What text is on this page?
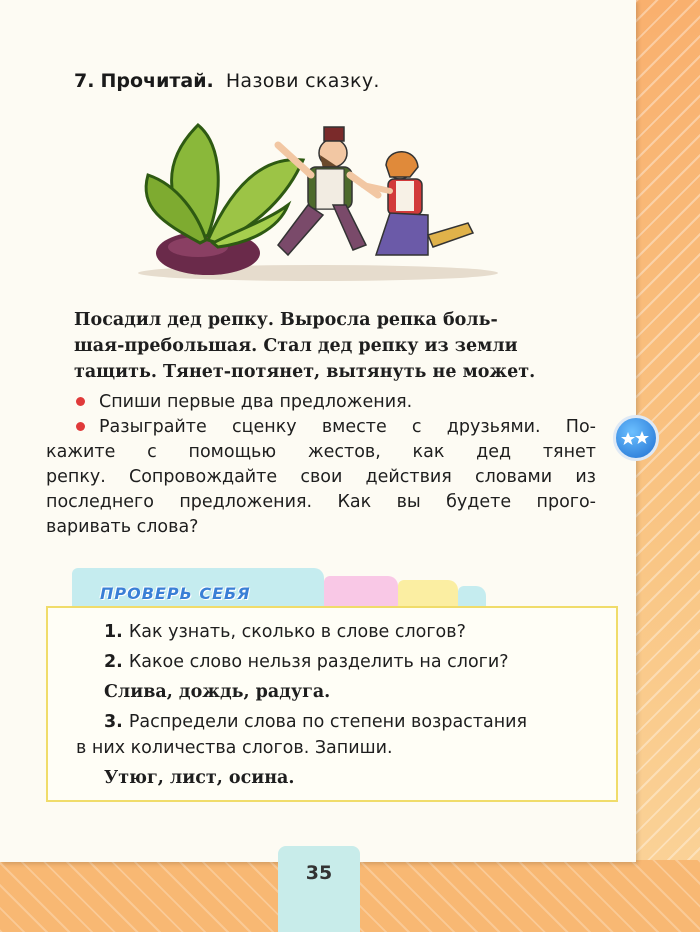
7. Прочитай. Назови сказку.
Посадил дед репку. Выросла репка боль-
шая-пребольшая. Стал дед репку из земли
тащить. Тянет-потянет, вытянуть не может.
Спиши первые два предложения.
Разыграйте сценку вместе с друзьями. По-
кажите с помощью жестов, как дед тянет
репку. Сопровождайте свои действия словами из
последнего предложения. Как вы будете прого-
варивать слова?
ПРОВЕРЬ СЕБЯ
1. Как узнать, сколько в слове слогов?
2. Какое слово нельзя разделить на слоги?
Слива, дождь, радуга.
3. Распредели слова по степени возрастания
в них количества слогов. Запиши.
Утюг, лист, осина.
35
